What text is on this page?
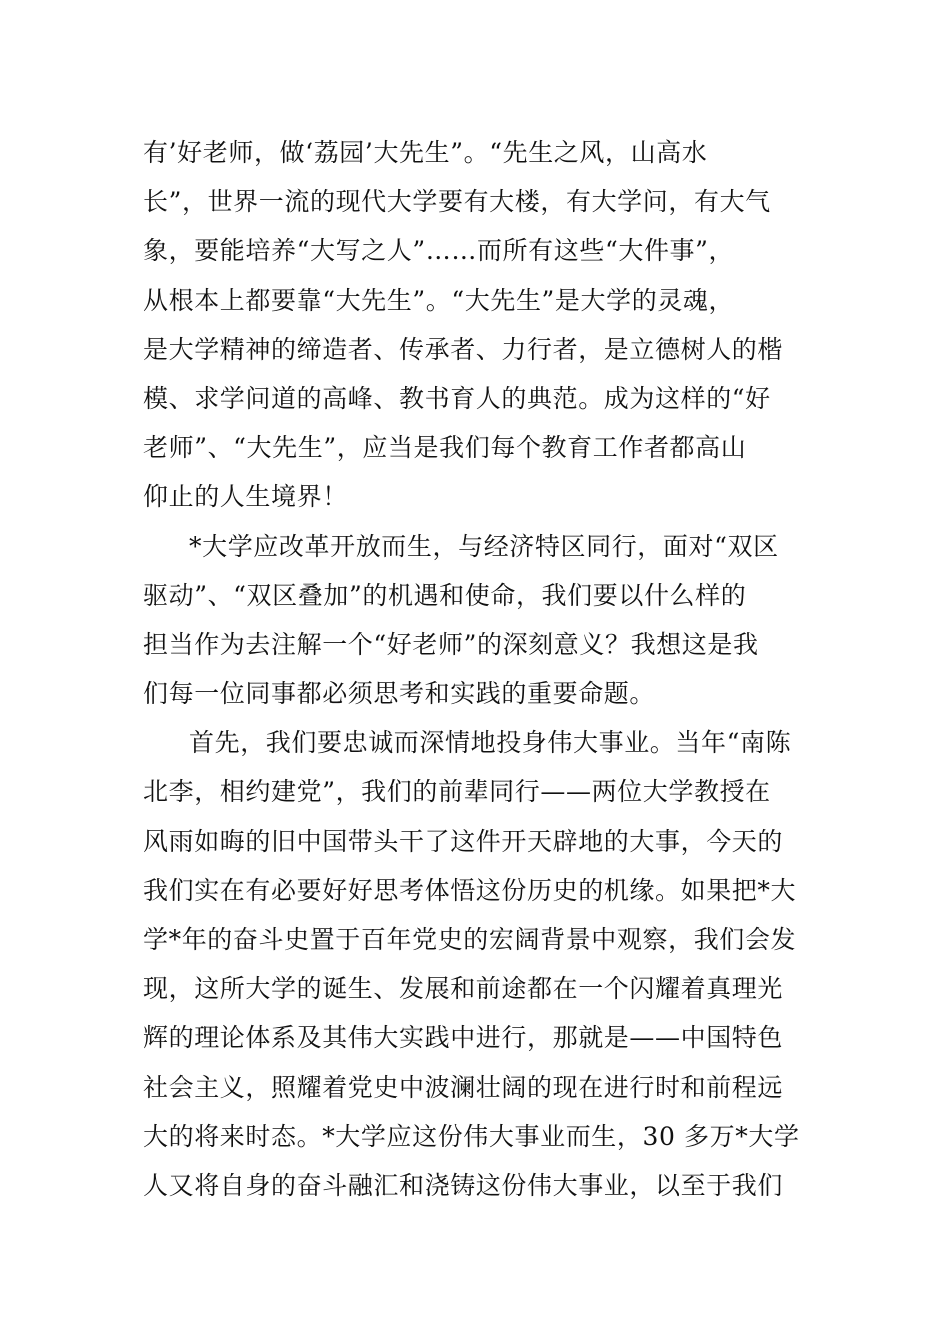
有’好老师，做‘荔园’大先生”。“先生之风，山高水
长”，世界一流的现代大学要有大楼，有大学问，有大气
象，要能培养“大写之人”……而所有这些“大件事”，
从根本上都要靠“大先生”。“大先生”是大学的灵魂，
是大学精神的缔造者、传承者、力行者，是立德树人的楷
模、求学问道的高峰、教书育人的典范。成为这样的“好
老师”、“大先生”，应当是我们每个教育工作者都高山
仰止的人生境界！
*大学应改革开放而生，与经济特区同行，面对“双区
驱动”、“双区叠加”的机遇和使命，我们要以什么样的
担当作为去注解一个“好老师”的深刻意义？我想这是我
们每一位同事都必须思考和实践的重要命题。
首先，我们要忠诚而深情地投身伟大事业。当年“南陈
北李，相约建党”，我们的前辈同行——两位大学教授在
风雨如晦的旧中国带头干了这件开天辟地的大事，今天的
我们实在有必要好好思考体悟这份历史的机缘。如果把*大
学*年的奋斗史置于百年党史的宏阔背景中观察，我们会发
现，这所大学的诞生、发展和前途都在一个闪耀着真理光
辉的理论体系及其伟大实践中进行，那就是——中国特色
社会主义，照耀着党史中波澜壮阔的现在进行时和前程远
大的将来时态。*大学应这份伟大事业而生，30 多万*大学
人又将自身的奋斗融汇和浇铸这份伟大事业，以至于我们
